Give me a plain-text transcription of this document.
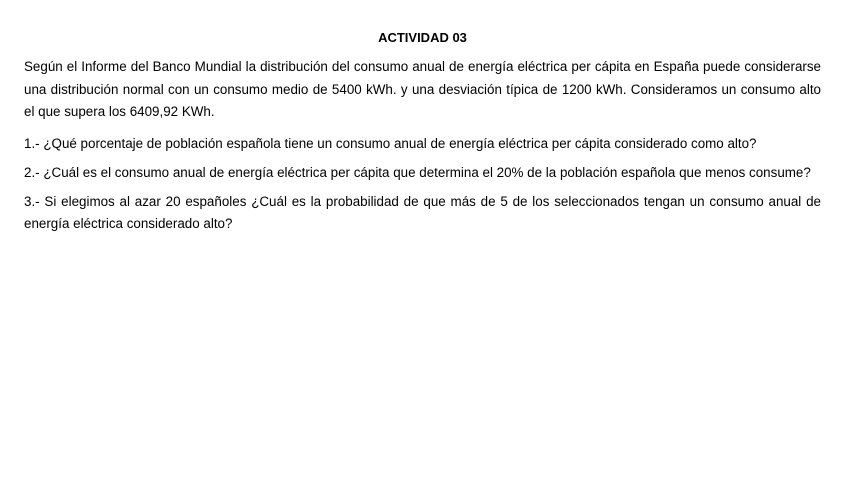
ACTIVIDAD 03

Según el Informe del Banco Mundial la distribución del consumo anual de energía eléctrica per cápita en España puede considerarse una distribución normal con un consumo medio de 5400 kWh. y una desviación típica de 1200 kWh. Consideramos un consumo alto el que supera los 6409,92 KWh.

1.- ¿Qué porcentaje de población española tiene un consumo anual de energía eléctrica per cápita considerado como alto?

2.- ¿Cuál es el consumo anual de energía eléctrica per cápita que determina el 20% de la población española que menos consume?

3.- Si elegimos al azar 20 españoles ¿Cuál es la probabilidad de que más de 5 de los seleccionados tengan un consumo anual de energía eléctrica considerado alto?
